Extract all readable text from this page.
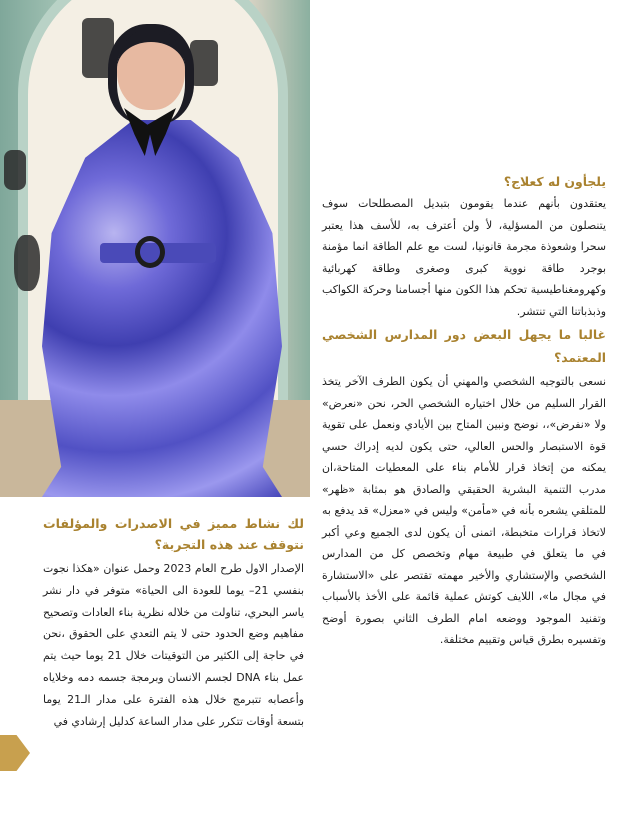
يلجأون له كعلاج؟

يعتقدون بأنهم عندما يقومون بتبديل المصطلحات سوف يتنصلون من المسؤلية، لأ ولن أعترف به، للأسف هذا يعتبر سحرا وشعوذة مجرمة قانونيا، لست مع علم الطاقة انما مؤمنة بوجرد طاقة نووية كبرى وصغرى وطاقة كهربائية وكهرومغناطيسية تحكم هذا الكون منها أجسامنا وحركة الكواكب وذبذباتنا التي تنتشر.

غالبا ما يجهل البعض دور المدارس الشخصي المعتمد؟

نسعى بالتوجيه الشخصي والمهني أن يكون الطرف الآخر يتخذ القرار السليم من خلال اختياره الشخصي الحر، نحن «نعرض» ولا «نفرض»،، نوضح ونبين المتاح بين الأيادي ونعمل على تقوية قوة الاستبصار والحس العالي، حتى يكون لديه إدراك حسي يمكنه من إتخاذ قرار للأمام بناء على المعطيات المتاحة،ان مدرب التنمية البشرية الحقيقي والصادق هو بمثابة «ظهر» للمتلقي يشعره بأنه في «مأمن» وليس في «معزل» قد يدفع به لاتخاذ قرارات متخبطة، اتمنى أن يكون لدى الجميع وعي أكبر في ما يتعلق في طبيعة مهام وتخصص كل من المدارس الشخصي والإستشاري والأخير مهمته تقتصر على «الاستشارة في مجال ما»، اللايف كوتش عملية قائمة على الأخذ بالأسباب وتفنيد الموجود ووضعه امام الطرف الثاني بصورة أوضح وتفسيره بطرق قياس وتقييم مختلفة.

لك نشاط مميز في الاصدرات والمؤلفات نتوقف عند هذه التجربة؟

الإصدار الاول طرح العام 2023 وحمل عنوان «هكذا نجوت بنفسي 21– يوما للعودة الى الحياة» متوفر في دار نشر ياسر البحري، تناولت من خلاله نظرية بناء العادات وتصحيح مفاهيم وضع الحدود حتى لا يتم التعدي على الحقوق ،نحن في حاجة إلى الكثير من التوقيتات خلال 21 يوما حيث يتم عمل بناء DNA لجسم الانسان وبرمجة جسمه دمه وخلاياه وأعصابه تتبرمج خلال هذه الفترة على مدار الـ21 يوما بتسعة أوقات تتكرر على مدار الساعة كدليل إرشادي في
